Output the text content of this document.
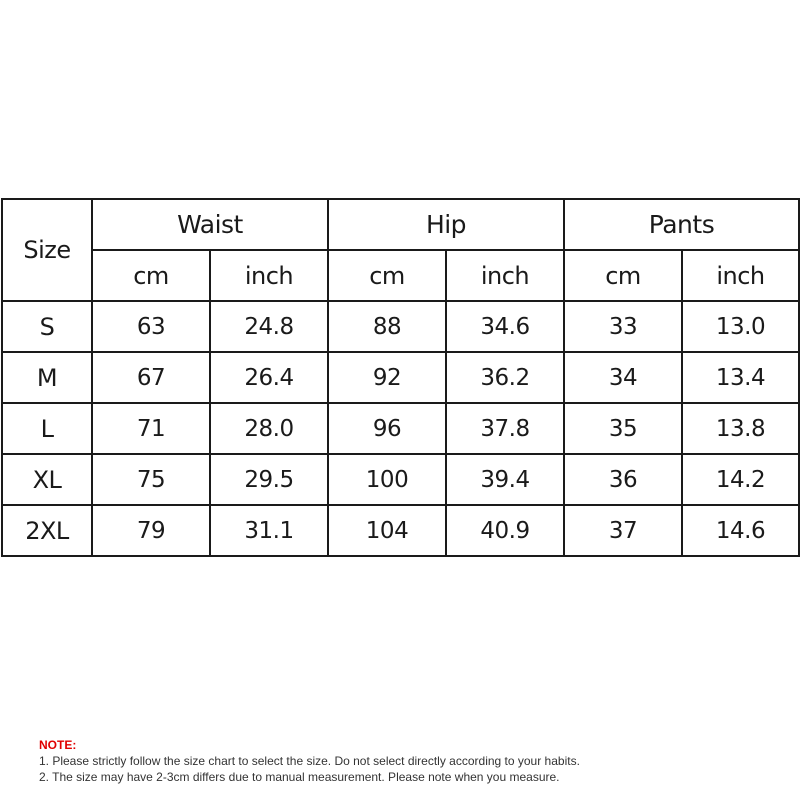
Size	Waist		Hip		Pants	
	cm	inch	cm	inch	cm	inch
S	63	24.8	88	34.6	33	13.0
M	67	26.4	92	36.2	34	13.4
L	71	28.0	96	37.8	35	13.8
XL	75	29.5	100	39.4	36	14.2
2XL	79	31.1	104	40.9	37	14.6
NOTE:
1. Please strictly follow the size chart to select the size. Do not select directly according to your habits.
2. The size may have 2-3cm differs due to manual measurement. Please note when you measure.
